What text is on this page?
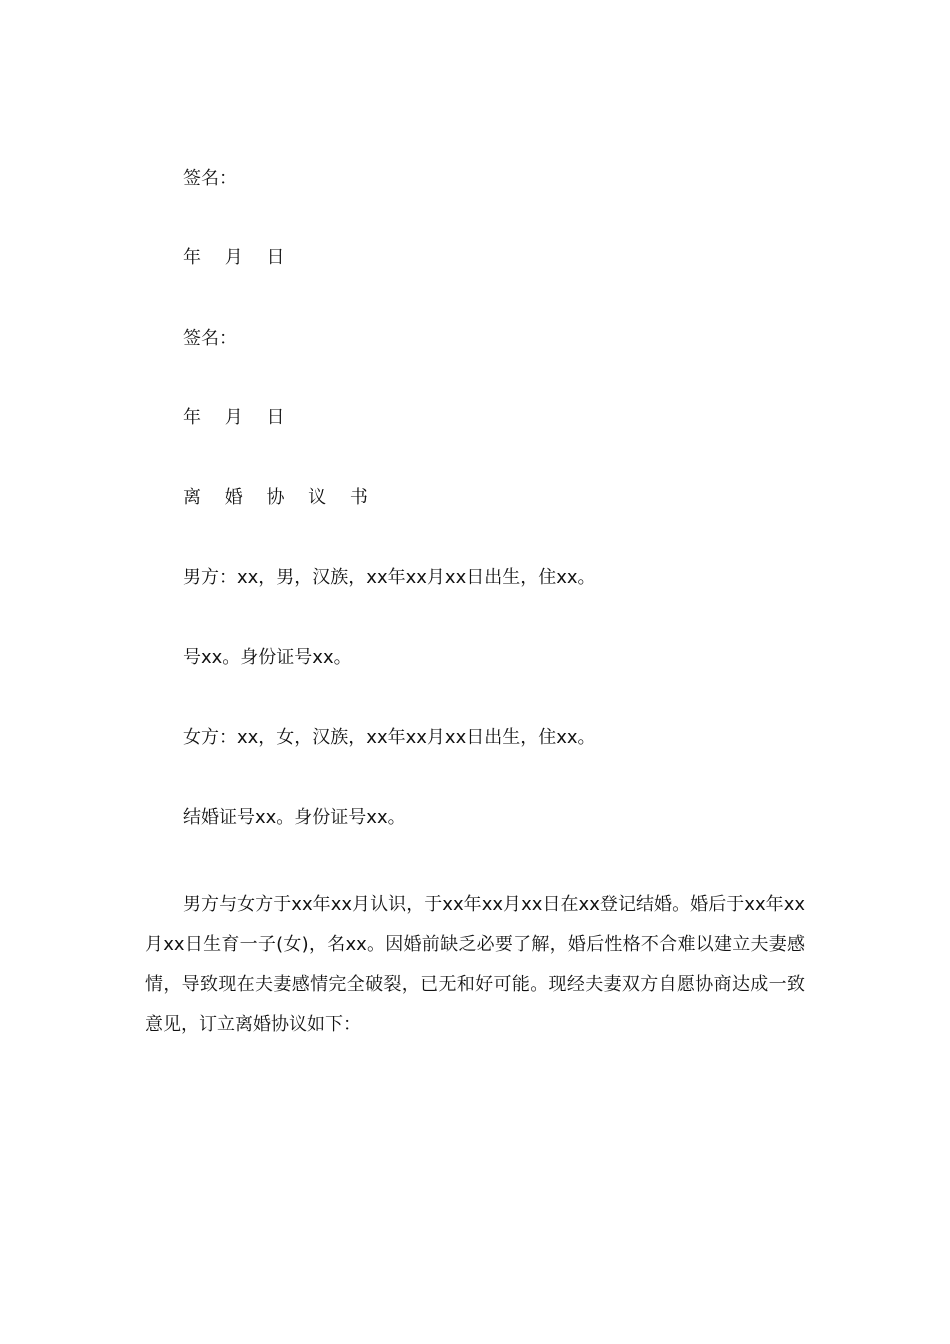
签名：
年 月 日
签名：
年 月 日
离 婚 协 议 书
男方：xx，男，汉族，xx年xx月xx日出生，住xx。
号xx。身份证号xx。
女方：xx，女，汉族，xx年xx月xx日出生，住xx。
结婚证号xx。身份证号xx。
男方与女方于xx年xx月认识，于xx年xx月xx日在xx登记结婚。婚后于xx年xx月xx日生育一子(女)，名xx。因婚前缺乏必要了解，婚后性格不合难以建立夫妻感情，导致现在夫妻感情完全破裂，已无和好可能。现经夫妻双方自愿协商达成一致意见，订立离婚协议如下：
